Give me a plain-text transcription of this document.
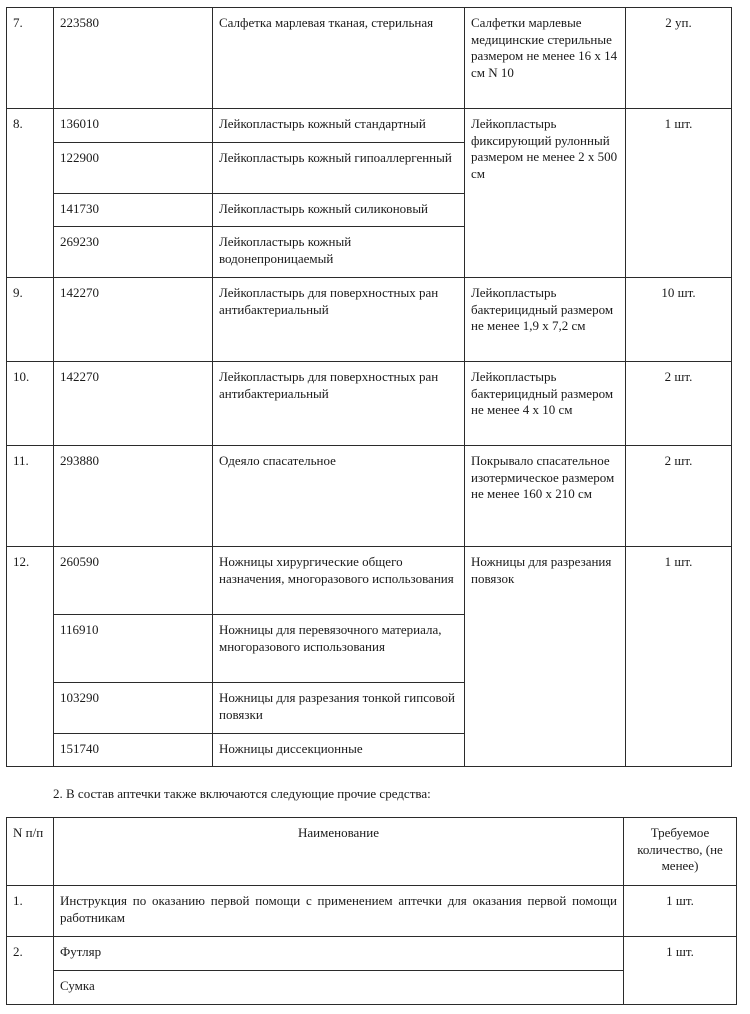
7.	223580	Салфетка марлевая тканая, стерильная	Салфетки марлевые медицинские стерильные размером не менее 16 x 14 см N 10	2 уп.
8.	136010	Лейкопластырь кожный стандартный	Лейкопластырь фиксирующий рулонный размером не менее 2 x 500 см	1 шт.
	122900	Лейкопластырь кожный гипоаллергенный		
	141730	Лейкопластырь кожный силиконовый		
	269230	Лейкопластырь кожный водонепроницаемый		
9.	142270	Лейкопластырь для поверхностных ран антибактериальный	Лейкопластырь бактерицидный размером не менее 1,9 x 7,2 см	10 шт.
10.	142270	Лейкопластырь для поверхностных ран антибактериальный	Лейкопластырь бактерицидный размером не менее 4 x 10 см	2 шт.
11.	293880	Одеяло спасательное	Покрывало спасательное изотермическое размером не менее 160 x 210 см	2 шт.
12.	260590	Ножницы хирургические общего назначения, многоразового использования	Ножницы для разрезания повязок	1 шт.
	116910	Ножницы для перевязочного материала, многоразового использования		
	103290	Ножницы для разрезания тонкой гипсовой повязки		
	151740	Ножницы диссекционные		
2. В состав аптечки также включаются следующие прочие средства:
N п/п	Наименование	Требуемое количество, (не менее)
1.	Инструкция по оказанию первой помощи с применением аптечки для оказания первой помощи работникам	1 шт.
2.	Футляр	1 шт.
	Сумка	
